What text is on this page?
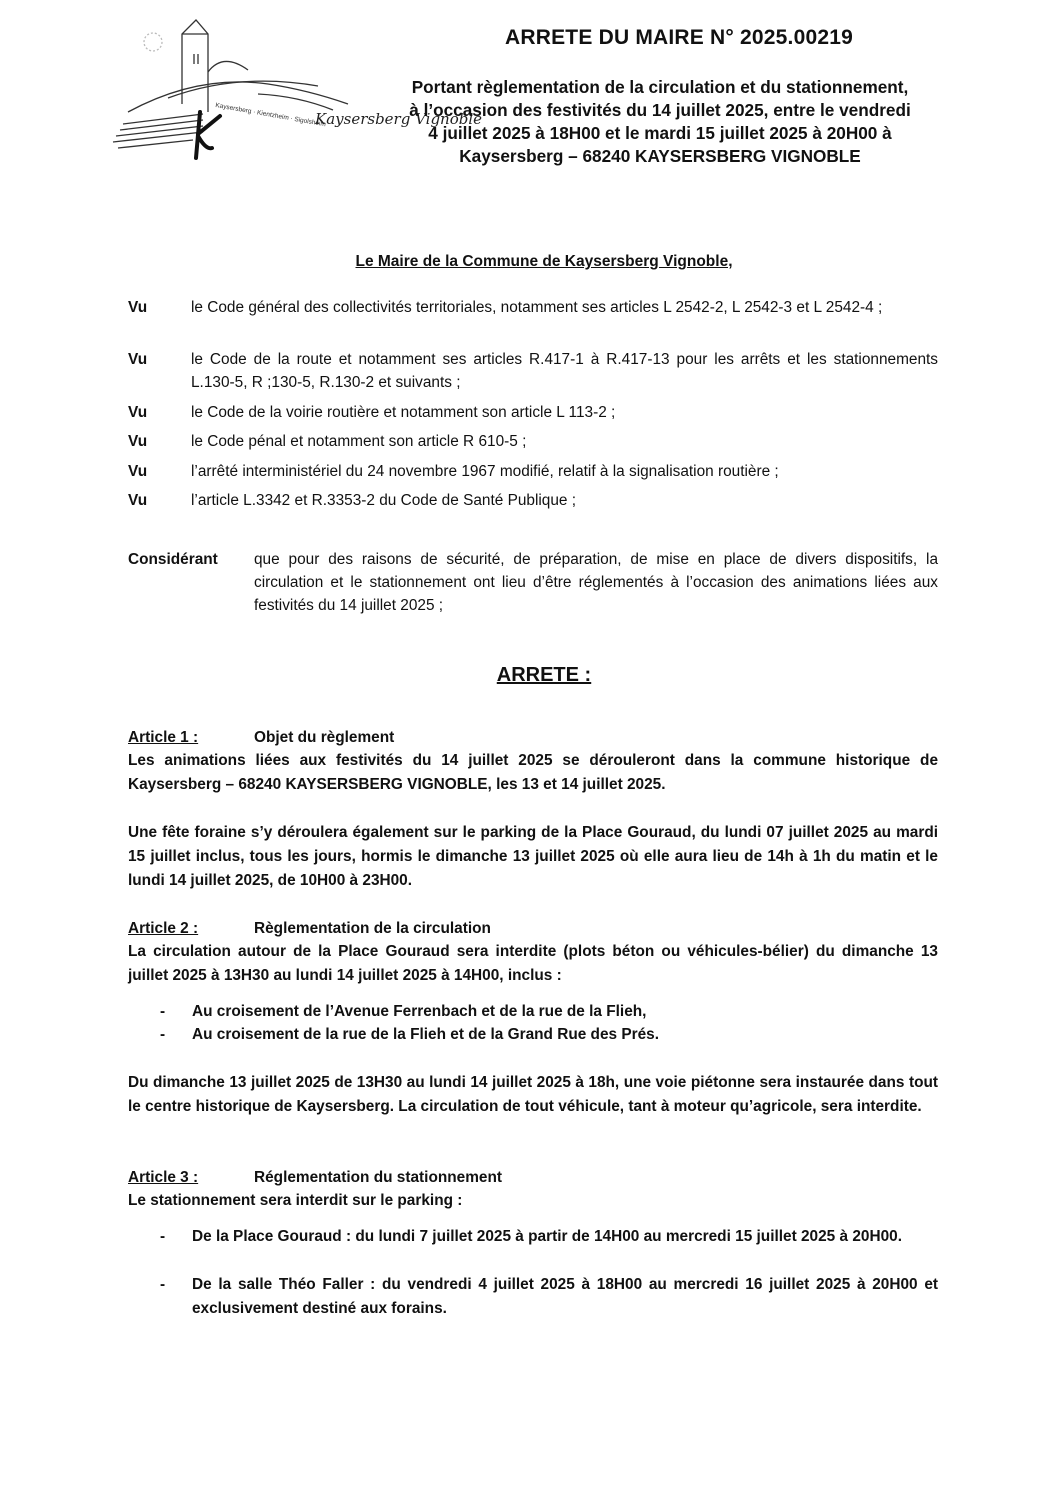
Kaysersberg · Kientzheim · Sigolsheim
Kaysersberg Vignoble
ARRETE DU MAIRE N° 2025.00219
Portant règlementation de la circulation et du stationnement,
à l’occasion des festivités du 14 juillet 2025, entre le vendredi
4 juillet 2025 à 18H00 et le mardi 15 juillet 2025 à 20H00 à
Kaysersberg – 68240 KAYSERSBERG VIGNOBLE
Le Maire de la Commune de Kaysersberg Vignoble,
Vu	le Code général des collectivités territoriales, notamment ses articles L 2542-2, L 2542-3 et L 2542-4 ;
Vu	le Code de la route et notamment ses articles R.417-1 à R.417-13 pour les arrêts et les stationnements L.130-5, R ;130-5, R.130-2 et suivants ;
Vu	le Code de la voirie routière et notamment son article L 113-2 ;
Vu	le Code pénal et notamment son article R 610-5 ;
Vu	l’arrêté interministériel du 24 novembre 1967 modifié, relatif à la signalisation routière ;
Vu	l’article L.3342 et R.3353-2 du Code de Santé Publique ;
Considérant que pour des raisons de sécurité, de préparation, de mise en place de divers dispositifs, la circulation et le stationnement ont lieu d’être réglementés à l’occasion des animations liées aux festivités du 14 juillet 2025 ;
ARRETE :
Article 1 :	Objet du règlement
Les animations liées aux festivités du 14 juillet 2025 se dérouleront dans la commune historique de Kaysersberg – 68240 KAYSERSBERG VIGNOBLE, les 13 et 14 juillet 2025.
Une fête foraine s’y déroulera également sur le parking de la Place Gouraud, du lundi 07 juillet 2025 au mardi 15 juillet inclus, tous les jours, hormis le dimanche 13 juillet 2025 où elle aura lieu de 14h à 1h du matin et le lundi 14 juillet 2025, de 10H00 à 23H00.
Article 2 :	Règlementation de la circulation
La circulation autour de la Place Gouraud sera interdite (plots béton ou véhicules-bélier) du dimanche 13 juillet 2025 à 13H30 au lundi 14 juillet 2025 à 14H00, inclus :
- Au croisement de l’Avenue Ferrenbach et de la rue de la Flieh,
- Au croisement de la rue de la Flieh et de la Grand Rue des Prés.
Du dimanche 13 juillet 2025 de 13H30 au lundi 14 juillet 2025 à 18h, une voie piétonne sera instaurée dans tout le centre historique de Kaysersberg. La circulation de tout véhicule, tant à moteur qu’agricole, sera interdite.
Article 3 :	Réglementation du stationnement
Le stationnement sera interdit sur le parking :
- De la Place Gouraud : du lundi 7 juillet 2025 à partir de 14H00 au mercredi 15 juillet 2025 à 20H00.
- De la salle Théo Faller : du vendredi 4 juillet 2025 à 18H00 au mercredi 16 juillet 2025 à 20H00 et exclusivement destiné aux forains.
